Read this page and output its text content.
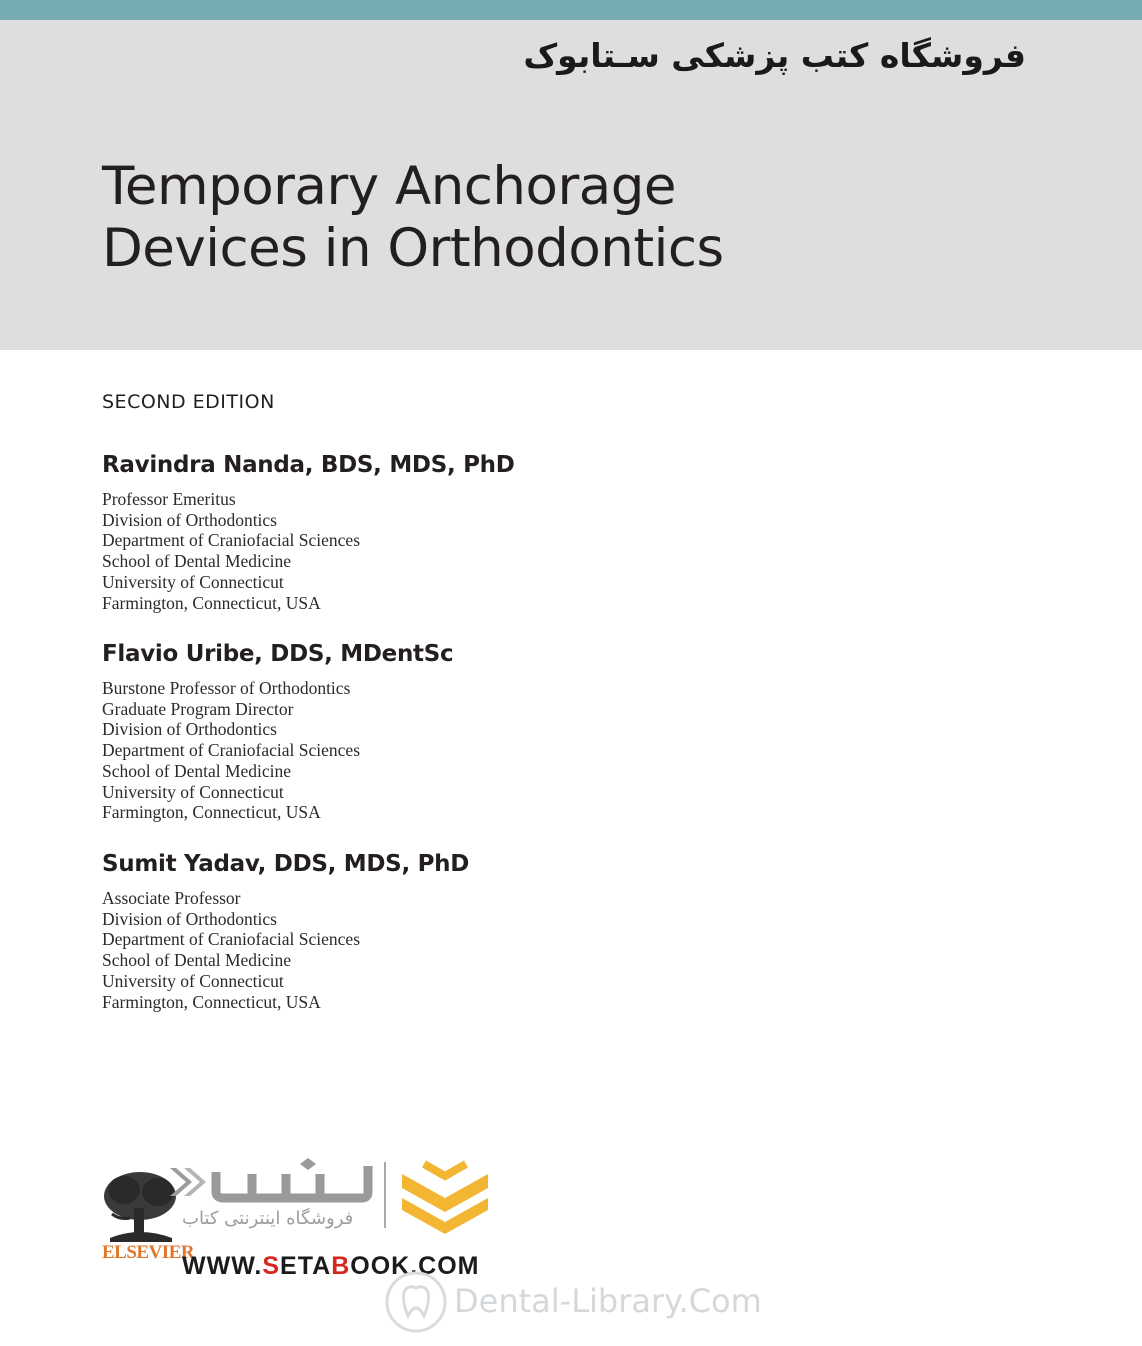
فروشگاه کتب پزشکی سـتابوک
Temporary Anchorage
Devices in Orthodontics
SECOND EDITION
Ravindra Nanda, BDS, MDS, PhD
Professor Emeritus
Division of Orthodontics
Department of Craniofacial Sciences
School of Dental Medicine
University of Connecticut
Farmington, Connecticut, USA
Flavio Uribe, DDS, MDentSc
Burstone Professor of Orthodontics
Graduate Program Director
Division of Orthodontics
Department of Craniofacial Sciences
School of Dental Medicine
University of Connecticut
Farmington, Connecticut, USA
Sumit Yadav, DDS, MDS, PhD
Associate Professor
Division of Orthodontics
Department of Craniofacial Sciences
School of Dental Medicine
University of Connecticut
Farmington, Connecticut, USA
ELSEVIER
فروشگاه اینترنتی کتاب
WWW.SETABOOK.COM
Dental-Library.Com
